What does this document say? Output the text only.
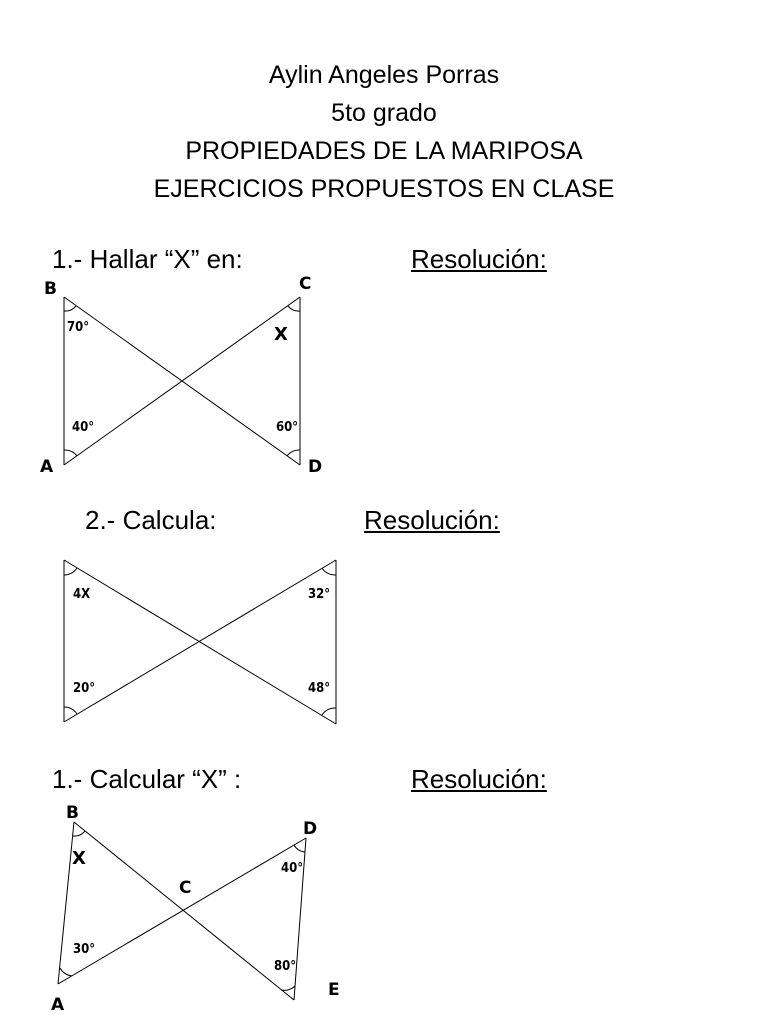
Aylin Angeles Porras
5to grado
PROPIEDADES DE LA MARIPOSA
EJERCICIOS PROPUESTOS EN CLASE
1.- Hallar “X” en:	Resolución:
B	C
A	D
70°	X
40°	60°
2.- Calcula:	Resolución:
4X	32°
20°	48°
1.- Calcular “X” :	Resolución:
B
D
C
A
E
X	40°
30°
80°
